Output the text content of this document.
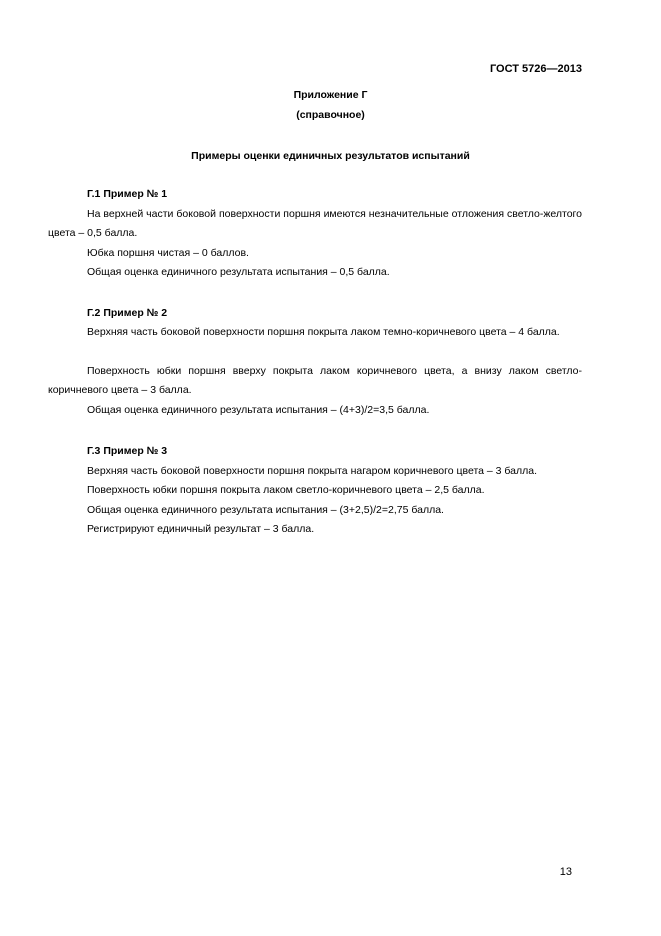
ГОСТ 5726—2013
Приложение Г
(справочное)
Примеры оценки единичных результатов испытаний
Г.1 Пример № 1
На верхней части боковой поверхности поршня имеются незначительные отложения светло-желтого цвета – 0,5 балла.
Юбка поршня чистая – 0 баллов.
Общая оценка единичного результата испытания – 0,5 балла.
Г.2 Пример № 2
Верхняя часть боковой поверхности поршня покрыта лаком темно-коричневого цвета – 4 балла.
Поверхность юбки поршня вверху покрыта лаком коричневого цвета, а внизу лаком светло-коричневого цвета – 3 балла.
Общая оценка единичного результата испытания – (4+3)/2=3,5 балла.
Г.3 Пример № 3
Верхняя часть боковой поверхности поршня покрыта нагаром коричневого цвета – 3 балла.
Поверхность юбки поршня покрыта лаком светло-коричневого цвета – 2,5 балла.
Общая оценка единичного результата испытания – (3+2,5)/2=2,75 балла.
Регистрируют единичный результат – 3 балла.
13
